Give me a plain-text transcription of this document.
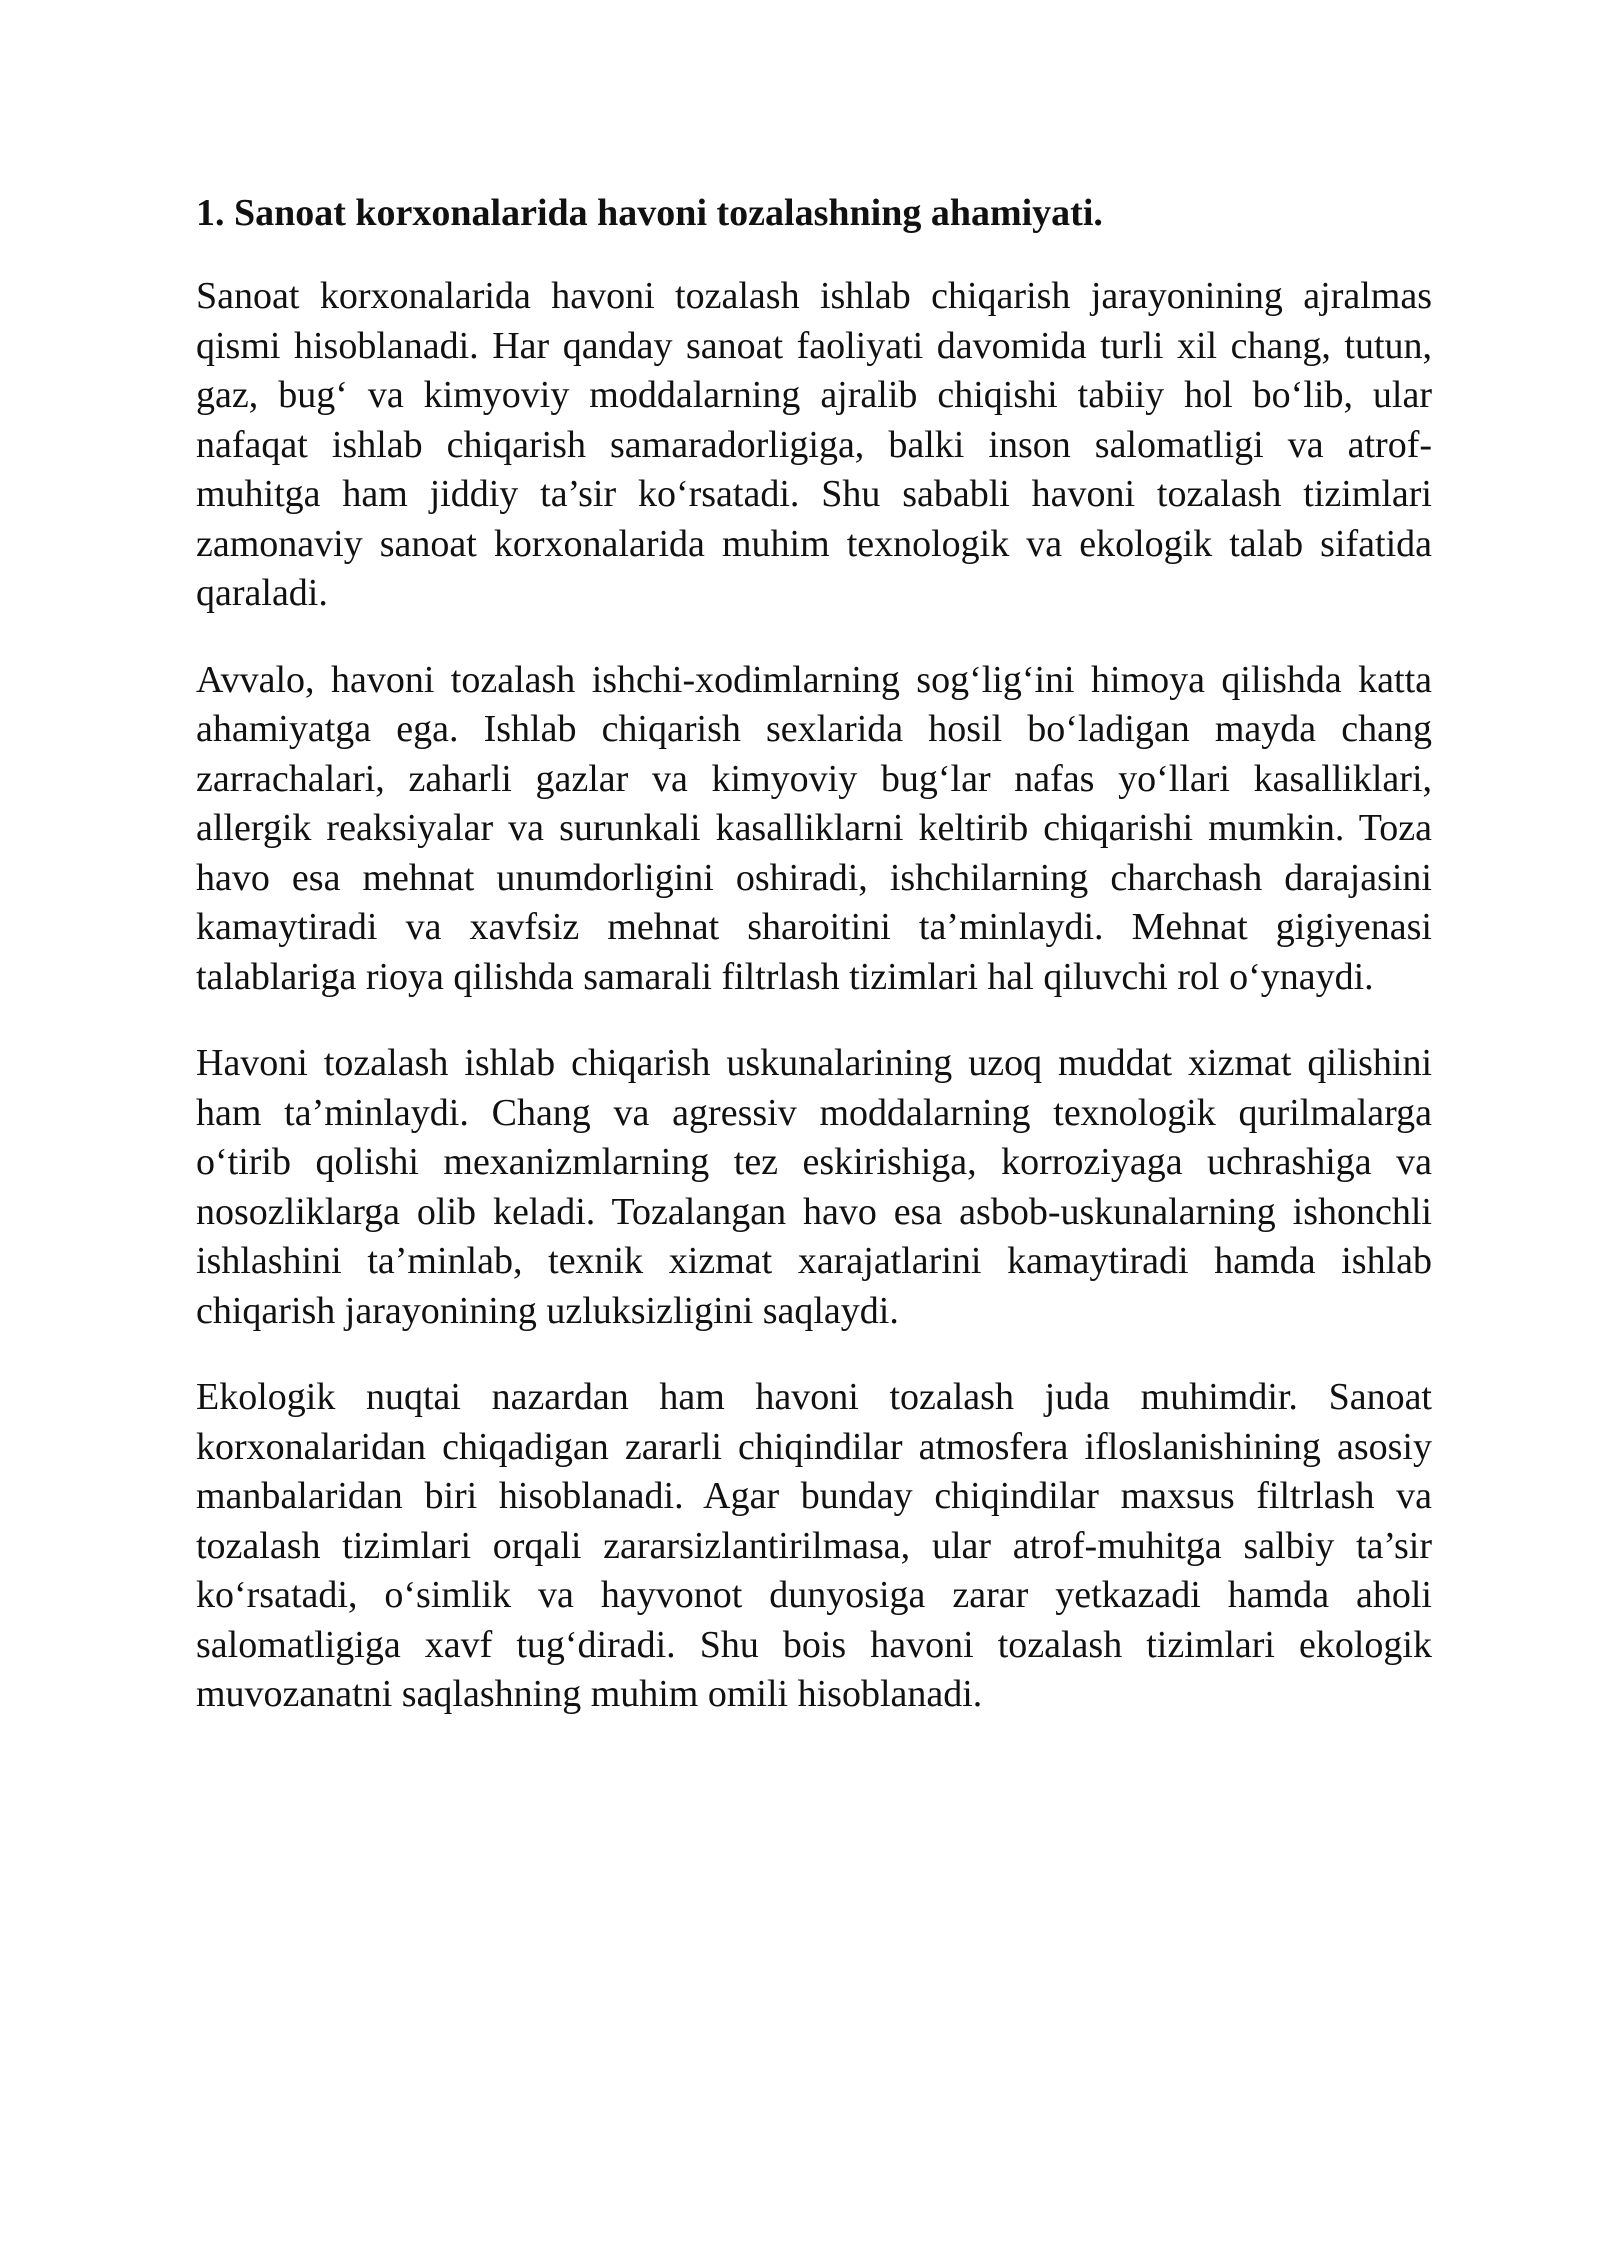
1. Sanoat korxonalarida havoni tozalashning ahamiyati.

Sanoat korxonalarida havoni tozalash ishlab chiqarish jarayonining ajralmas qismi hisoblanadi. Har qanday sanoat faoliyati davomida turli xil chang, tutun, gaz, bug‘ va kimyoviy moddalarning ajralib chiqishi tabiiy hol bo‘lib, ular nafaqat ishlab chiqarish samaradorligiga, balki inson salomatligi va atrof-muhitga ham jiddiy ta’sir ko‘rsatadi. Shu sababli havoni tozalash tizimlari zamonaviy sanoat korxonalarida muhim texnologik va ekologik talab sifatida qaraladi.

Avvalo, havoni tozalash ishchi-xodimlarning sog‘lig‘ini himoya qilishda katta ahamiyatga ega. Ishlab chiqarish sexlarida hosil bo‘ladigan mayda chang zarrachalari, zaharli gazlar va kimyoviy bug‘lar nafas yo‘llari kasalliklari, allergik reaksiyalar va surunkali kasalliklarni keltirib chiqarishi mumkin. Toza havo esa mehnat unumdorligini oshiradi, ishchilarning charchash darajasini kamaytiradi va xavfsiz mehnat sharoitini ta’minlaydi. Mehnat gigiyenasi talablariga rioya qilishda samarali filtrlash tizimlari hal qiluvchi rol o‘ynaydi.

Havoni tozalash ishlab chiqarish uskunalarining uzoq muddat xizmat qilishini ham ta’minlaydi. Chang va agressiv moddalarning texnologik qurilmalarga o‘tirib qolishi mexanizmlarning tez eskirishiga, korroziyaga uchrashiga va nosozliklarga olib keladi. Tozalangan havo esa asbob-uskunalarning ishonchli ishlashini ta’minlab, texnik xizmat xarajatlarini kamaytiradi hamda ishlab chiqarish jarayonining uzluksizligini saqlaydi.

Ekologik nuqtai nazardan ham havoni tozalash juda muhimdir. Sanoat korxonalaridan chiqadigan zararli chiqindilar atmosfera ifloslanishining asosiy manbalaridan biri hisoblanadi. Agar bunday chiqindilar maxsus filtrlash va tozalash tizimlari orqali zararsizlantirilmasa, ular atrof-muhitga salbiy ta’sir ko‘rsatadi, o‘simlik va hayvonot dunyosiga zarar yetkazadi hamda aholi salomatligiga xavf tug‘diradi. Shu bois havoni tozalash tizimlari ekologik muvozanatni saqlashning muhim omili hisoblanadi.
